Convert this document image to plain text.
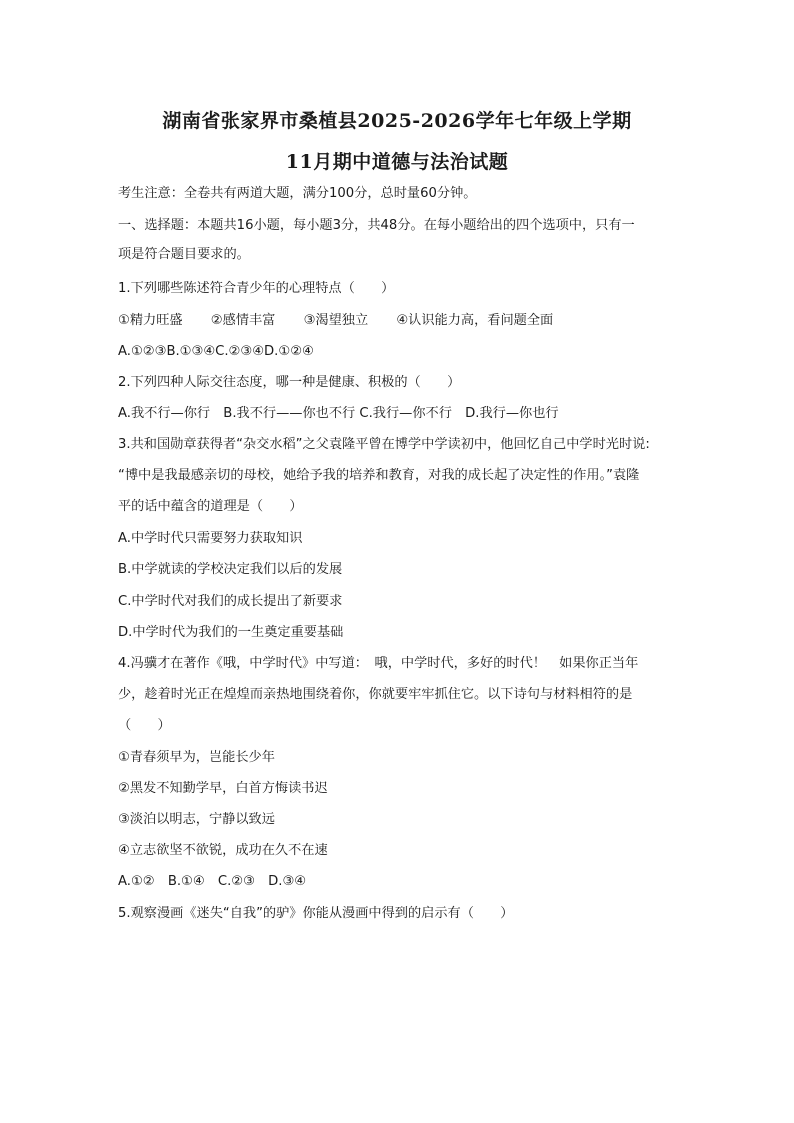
湖南省张家界市桑植县2025-2026学年七年级上学期
11月期中道德与法治试题
考生注意：全卷共有两道大题，满分100分，总时量60分钟。
一、选择题：本题共16小题，每小题3分，共48分。在每小题给出的四个选项中，只有一
项是符合题目要求的。
1.下列哪些陈述符合青少年的心理特点（　　）
①精力旺盛 ②感情丰富 ③渴望独立 ④认识能力高，看问题全面
A.①②③B.①③④C.②③④D.①②④
2.下列四种人际交往态度，哪一种是健康、积极的（　　）
A.我不行—你行　B.我不行——你也不行 C.我行—你不行　D.我行—你也行
3.共和国勋章获得者“杂交水稻”之父袁隆平曾在博学中学读初中，他回忆自己中学时光时说:
“博中是我最感亲切的母校，她给予我的培养和教育，对我的成长起了决定性的作用。”袁隆
平的话中蕴含的道理是（　　）
A.中学时代只需要努力获取知识
B.中学就读的学校决定我们以后的发展
C.中学时代对我们的成长提出了新要求
D.中学时代为我们的一生奠定重要基础
4.冯骥才在著作《哦，中学时代》中写道：　哦，中学时代，多好的时代！　如果你正当年
少，趁着时光正在煌煌而亲热地围绕着你，你就要牢牢抓住它。以下诗句与材料相符的是
（　　）
①青春须早为，岂能长少年
②黑发不知勤学早，白首方悔读书迟
③淡泊以明志，宁静以致远
④立志欲坚不欲锐，成功在久不在速
A.①②　B.①④　C.②③　D.③④
5.观察漫画《迷失“自我”的驴》你能从漫画中得到的启示有（　　）
